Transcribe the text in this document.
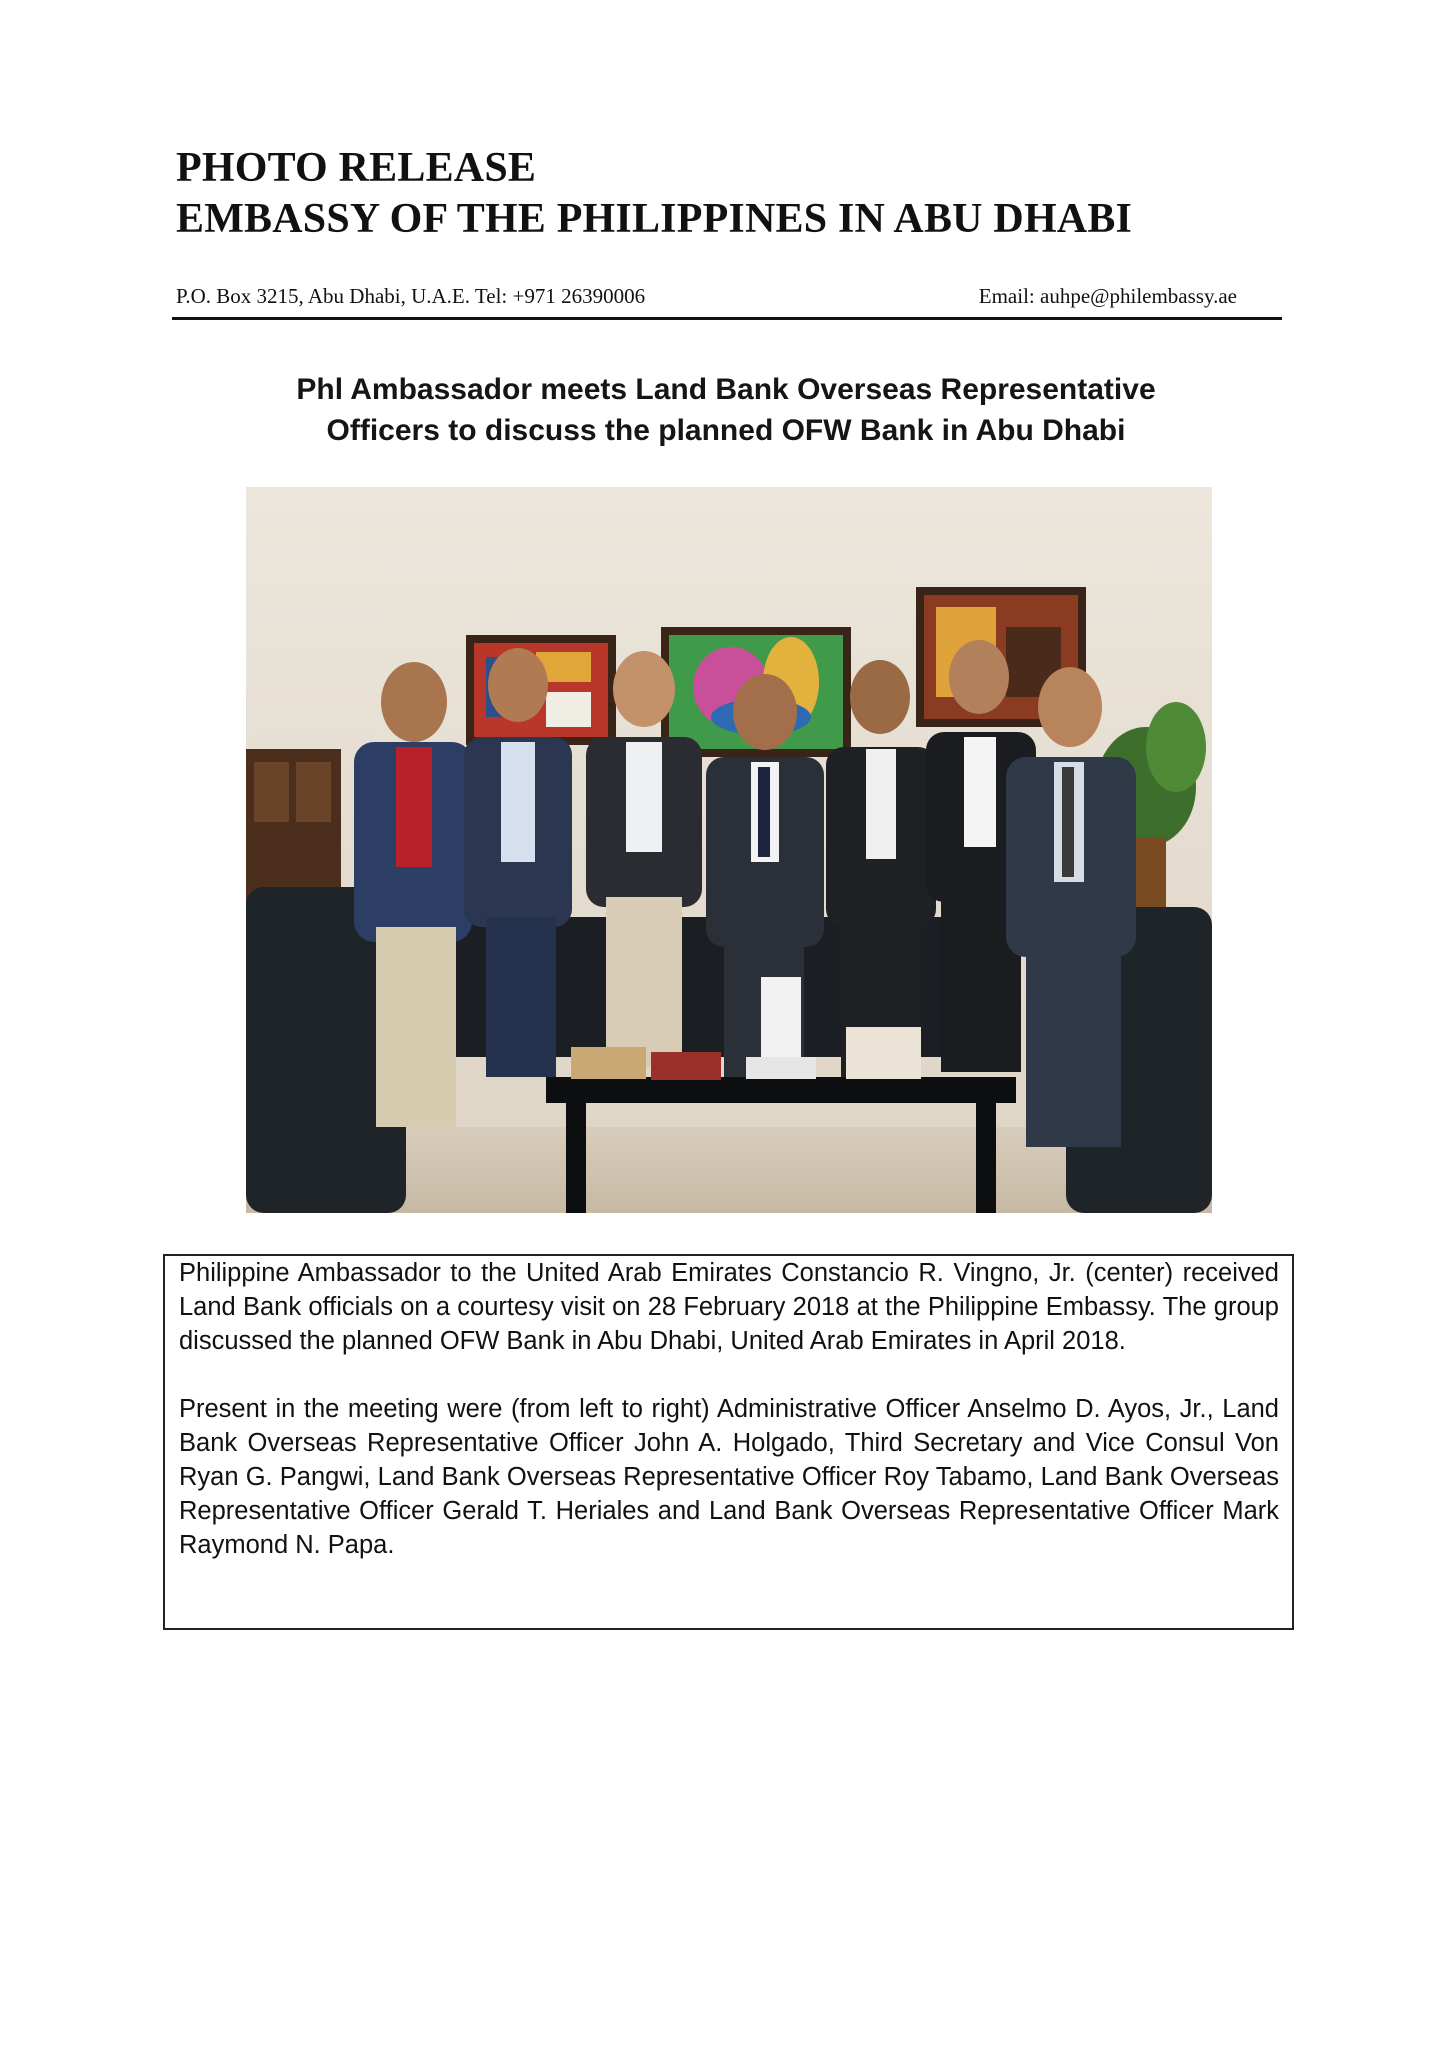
PHOTO RELEASE
EMBASSY OF THE PHILIPPINES IN ABU DHABI
P.O. Box 3215, Abu Dhabi, U.A.E. Tel: +971 26390006	Email: auhpe@philembassy.ae
Phl Ambassador meets Land Bank Overseas Representative
Officers to discuss the planned OFW Bank in Abu Dhabi

Philippine Ambassador to the United Arab Emirates Constancio R. Vingno, Jr. (center) received Land Bank officials on a courtesy visit on 28 February 2018 at the Philippine Embassy. The group discussed the planned OFW Bank in Abu Dhabi, United Arab Emirates in April 2018.

Present in the meeting were (from left to right) Administrative Officer Anselmo D. Ayos, Jr., Land Bank Overseas Representative Officer John A. Holgado, Third Secretary and Vice Consul Von Ryan G. Pangwi, Land Bank Overseas Representative Officer Roy Tabamo, Land Bank Overseas Representative Officer Gerald T. Heriales and Land Bank Overseas Representative Officer Mark Raymond N. Papa.
